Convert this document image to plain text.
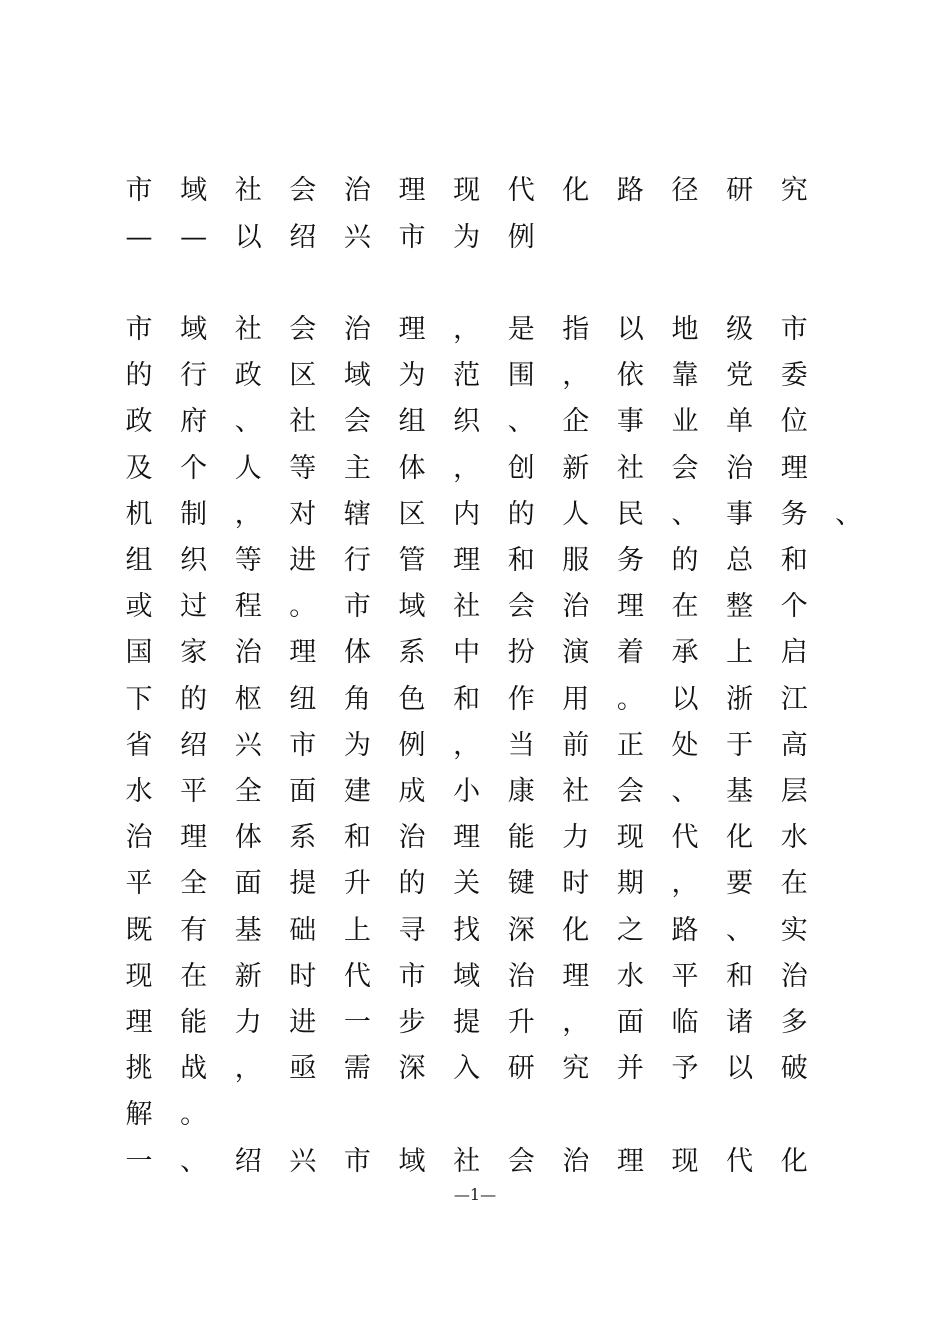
市 域 社 会 治 理 现 代 化 路 径 研 究
— — 以 绍 兴 市 为 例
市 域 社 会 治 理 ， 是 指 以 地 级 市
的 行 政 区 域 为 范 围 ， 依 靠 党 委
政 府 、 社 会 组 织 、 企 事 业 单 位
及 个 人 等 主 体 ， 创 新 社 会 治 理
机 制 ， 对 辖 区 内 的 人 民 、 事 务 、
组 织 等 进 行 管 理 和 服 务 的 总 和
或 过 程 。 市 域 社 会 治 理 在 整 个
国 家 治 理 体 系 中 扮 演 着 承 上 启
下 的 枢 纽 角 色 和 作 用 。 以 浙 江
省 绍 兴 市 为 例 ， 当 前 正 处 于 高
水 平 全 面 建 成 小 康 社 会 、 基 层
治 理 体 系 和 治 理 能 力 现 代 化 水
平 全 面 提 升 的 关 键 时 期 ， 要 在
既 有 基 础 上 寻 找 深 化 之 路 、 实
现 在 新 时 代 市 域 治 理 水 平 和 治
理 能 力 进 一 步 提 升 ， 面 临 诸 多
挑 战 ， 亟 需 深 入 研 究 并 予 以 破
解 。
一 、 绍 兴 市 域 社 会 治 理 现 代 化
—1—
